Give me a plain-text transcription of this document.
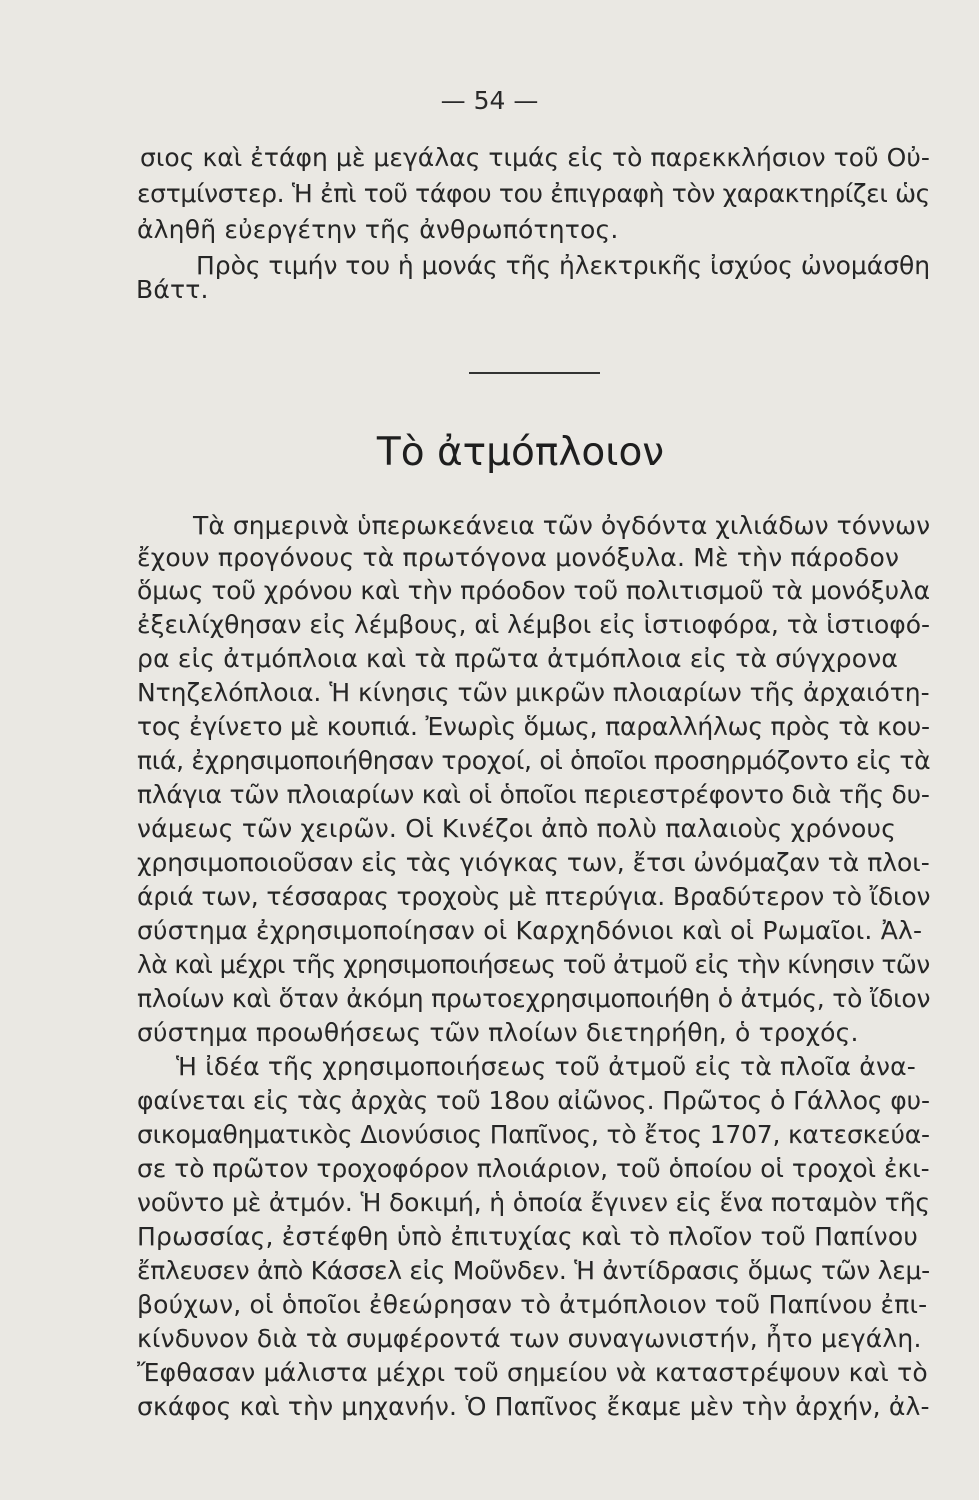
— 54 —
σιος καὶ ἐτάφη μὲ μεγάλας τιμάς εἰς τὸ παρεκκλήσιον τοῦ Οὐ-
εστμίνστερ. Ἡ ἐπὶ τοῦ τάφου του ἐπιγραφὴ τὸν χαρακτηρίζει ὡς
ἀληθῆ εὐεργέτην τῆς ἀνθρωπότητος.
Πρὸς τιμήν του ἡ μονάς τῆς ἠλεκτρικῆς ἰσχύος ὠνομάσθη
Βάττ.
Τὸ ἀτμόπλοιον
Τὰ σημερινὰ ὑπερωκεάνεια τῶν ὀγδόντα χιλιάδων τόννων
ἔχουν προγόνους τὰ πρωτόγονα μονόξυλα. Μὲ τὴν πάροδον
ὅμως τοῦ χρόνου καὶ τὴν πρόοδον τοῦ πολιτισμοῦ τὰ μονόξυλα
ἐξειλίχθησαν εἰς λέμβους, αἱ λέμβοι εἰς ἱστιοφόρα, τὰ ἱστιοφό-
ρα εἰς ἀτμόπλοια καὶ τὰ πρῶτα ἀτμόπλοια εἰς τὰ σύγχρονα
Ντηζελόπλοια. Ἡ κίνησις τῶν μικρῶν πλοιαρίων τῆς ἀρχαιότη-
τος ἐγίνετο μὲ κουπιά. Ἐνωρὶς ὅμως, παραλλήλως πρὸς τὰ κου-
πιά, ἐχρησιμοποιήθησαν τροχοί, οἱ ὁποῖοι προσηρμόζοντο εἰς τὰ
πλάγια τῶν πλοιαρίων καὶ οἱ ὁποῖοι περιεστρέφοντο διὰ τῆς δυ-
νάμεως τῶν χειρῶν. Οἱ Κινέζοι ἀπὸ πολὺ παλαιοὺς χρόνους
χρησιμοποιοῦσαν εἰς τὰς γιόγκας των, ἔτσι ὠνόμαζαν τὰ πλοι-
άριά των, τέσσαρας τροχοὺς μὲ πτερύγια. Βραδύτερον τὸ ἴδιον
σύστημα ἐχρησιμοποίησαν οἱ Καρχηδόνιοι καὶ οἱ Ρωμαῖοι. Ἀλ-
λὰ καὶ μέχρι τῆς χρησιμοποιήσεως τοῦ ἀτμοῦ εἰς τὴν κίνησιν τῶν
πλοίων καὶ ὅταν ἀκόμη πρωτοεχρησιμοποιήθη ὁ ἀτμός, τὸ ἴδιον
σύστημα προωθήσεως τῶν πλοίων διετηρήθη, ὁ τροχός.
Ἡ ἰδέα τῆς χρησιμοποιήσεως τοῦ ἀτμοῦ εἰς τὰ πλοῖα ἀνα-
φαίνεται εἰς τὰς ἀρχὰς τοῦ 18ου αἰῶνος. Πρῶτος ὁ Γάλλος φυ-
σικομαθηματικὸς Διονύσιος Παπῖνος, τὸ ἔτος 1707, κατεσκεύα-
σε τὸ πρῶτον τροχοφόρον πλοιάριον, τοῦ ὁποίου οἱ τροχοὶ ἐκι-
νοῦντο μὲ ἀτμόν. Ἡ δοκιμή, ἡ ὁποία ἔγινεν εἰς ἕνα ποταμὸν τῆς
Πρωσσίας, ἐστέφθη ὑπὸ ἐπιτυχίας καὶ τὸ πλοῖον τοῦ Παπίνου
ἔπλευσεν ἀπὸ Κάσσελ εἰς Μοῦνδεν. Ἡ ἀντίδρασις ὅμως τῶν λεμ-
βούχων, οἱ ὁποῖοι ἐθεώρησαν τὸ ἀτμόπλοιον τοῦ Παπίνου ἐπι-
κίνδυνον διὰ τὰ συμφέροντά των συναγωνιστήν, ἦτο μεγάλη.
Ἔφθασαν μάλιστα μέχρι τοῦ σημείου νὰ καταστρέψουν καὶ τὸ
σκάφος καὶ τὴν μηχανήν. Ὁ Παπῖνος ἔκαμε μὲν τὴν ἀρχήν, ἀλ-
